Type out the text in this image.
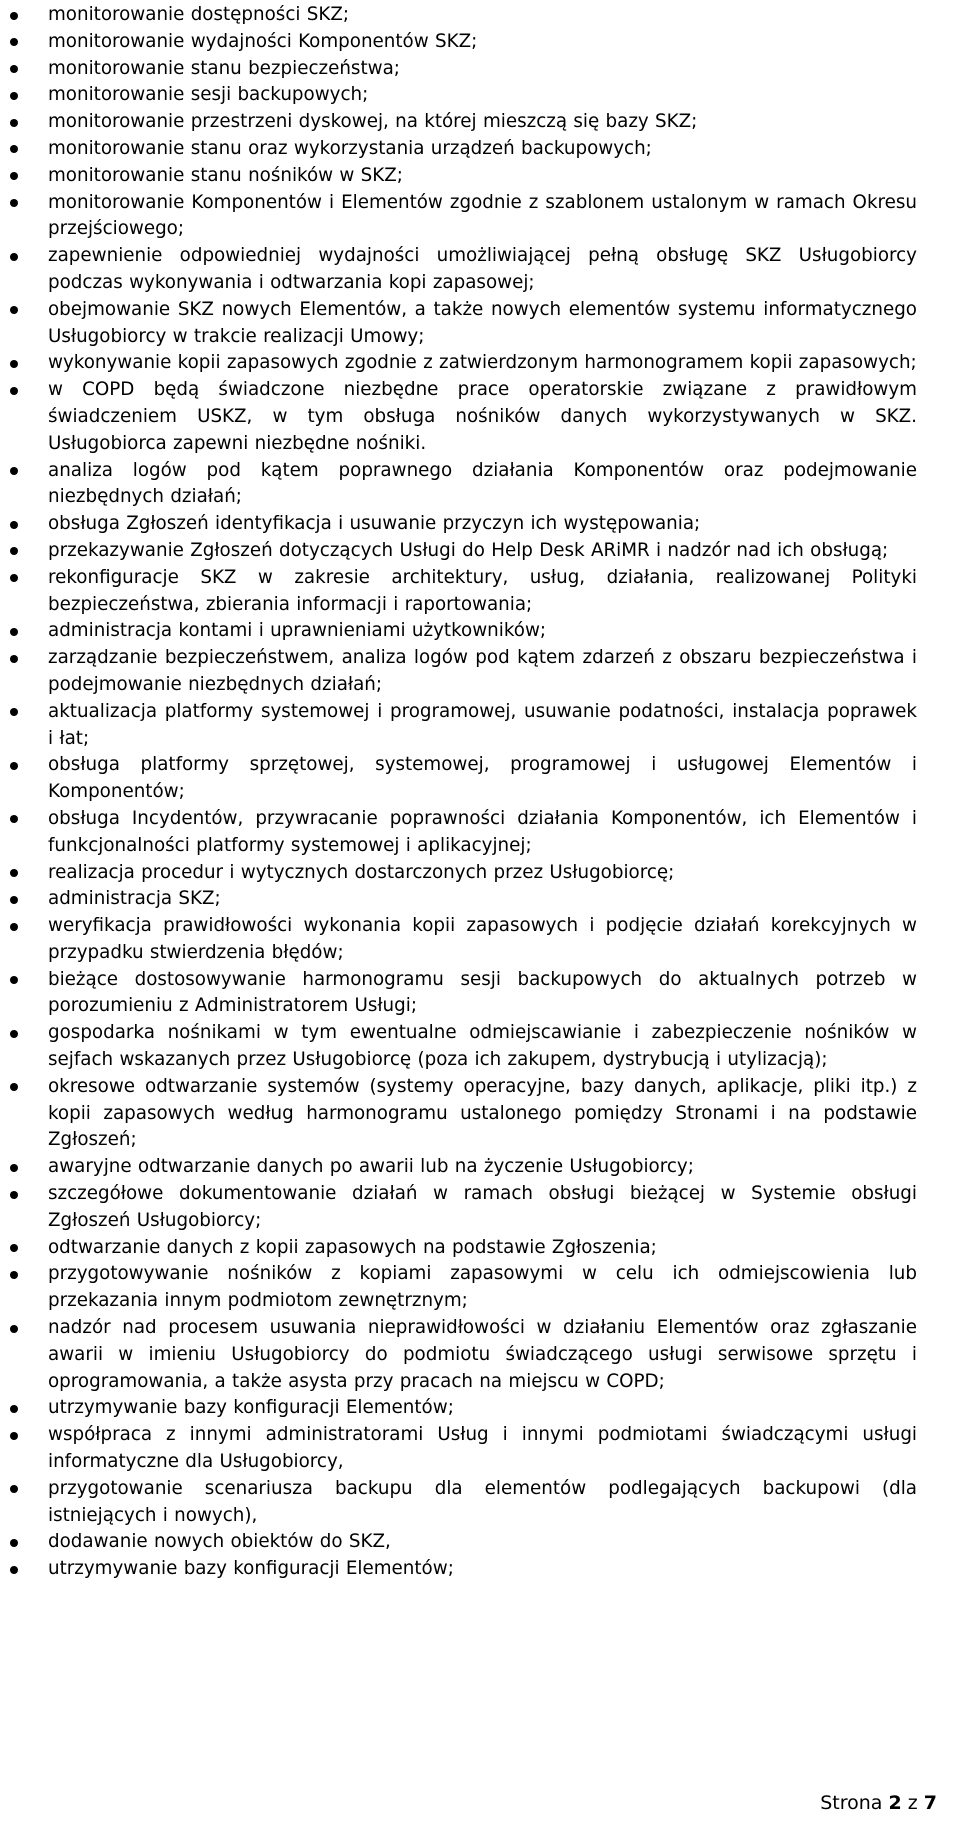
monitorowanie dostępności SKZ;
monitorowanie wydajności Komponentów SKZ;
monitorowanie stanu bezpieczeństwa;
monitorowanie sesji backupowych;
monitorowanie przestrzeni dyskowej, na której mieszczą się bazy SKZ;
monitorowanie stanu oraz wykorzystania urządzeń backupowych;
monitorowanie stanu nośników w SKZ;
monitorowanie Komponentów i Elementów zgodnie z szablonem ustalonym w ramach Okresu przejściowego;
zapewnienie odpowiedniej wydajności umożliwiającej pełną obsługę SKZ Usługobiorcy podczas wykonywania i odtwarzania kopi zapasowej;
obejmowanie SKZ nowych Elementów, a także nowych elementów systemu informatycznego Usługobiorcy w trakcie realizacji Umowy;
wykonywanie kopii zapasowych zgodnie z zatwierdzonym harmonogramem kopii zapasowych;
w COPD będą świadczone niezbędne prace operatorskie związane z prawidłowym świadczeniem USKZ, w tym obsługa nośników danych wykorzystywanych w SKZ. Usługobiorca zapewni niezbędne nośniki.
analiza logów pod kątem poprawnego działania Komponentów oraz podejmowanie niezbędnych działań;
obsługa Zgłoszeń identyfikacja i usuwanie przyczyn ich występowania;
przekazywanie Zgłoszeń dotyczących Usługi do Help Desk ARiMR i nadzór nad ich obsługą;
rekonfiguracje SKZ w zakresie architektury, usług, działania, realizowanej Polityki bezpieczeństwa, zbierania informacji i raportowania;
administracja kontami i uprawnieniami użytkowników;
zarządzanie bezpieczeństwem, analiza logów pod kątem zdarzeń z obszaru bezpieczeństwa i podejmowanie niezbędnych działań;
aktualizacja platformy systemowej i programowej, usuwanie podatności, instalacja poprawek i łat;
obsługa platformy sprzętowej, systemowej, programowej i usługowej Elementów i Komponentów;
obsługa Incydentów, przywracanie poprawności działania Komponentów, ich Elementów i funkcjonalności platformy systemowej i aplikacyjnej;
realizacja procedur i wytycznych dostarczonych przez Usługobiorcę;
administracja SKZ;
weryfikacja prawidłowości wykonania kopii zapasowych i podjęcie działań korekcyjnych w przypadku stwierdzenia błędów;
bieżące dostosowywanie harmonogramu sesji backupowych do aktualnych potrzeb w porozumieniu z Administratorem Usługi;
gospodarka nośnikami w tym ewentualne odmiejscawianie i zabezpieczenie nośników w sejfach wskazanych przez Usługobiorcę (poza ich zakupem, dystrybucją i utylizacją);
okresowe odtwarzanie systemów (systemy operacyjne, bazy danych, aplikacje, pliki itp.) z kopii zapasowych według harmonogramu ustalonego pomiędzy Stronami i na podstawie Zgłoszeń;
awaryjne odtwarzanie danych po awarii lub na życzenie Usługobiorcy;
szczegółowe dokumentowanie działań w ramach obsługi bieżącej w Systemie obsługi Zgłoszeń Usługobiorcy;
odtwarzanie danych z kopii zapasowych na podstawie Zgłoszenia;
przygotowywanie nośników z kopiami zapasowymi w celu ich odmiejscowienia lub przekazania innym podmiotom zewnętrznym;
nadzór nad procesem usuwania nieprawidłowości w działaniu Elementów oraz zgłaszanie awarii w imieniu Usługobiorcy do podmiotu świadczącego usługi serwisowe sprzętu i oprogramowania, a także asysta przy pracach na miejscu w COPD;
utrzymywanie bazy konfiguracji Elementów;
współpraca z innymi administratorami Usług i innymi podmiotami świadczącymi usługi informatyczne dla Usługobiorcy,
przygotowanie scenariusza backupu dla elementów podlegających backupowi (dla istniejących i nowych),
dodawanie nowych obiektów do SKZ,
utrzymywanie bazy konfiguracji Elementów;
Strona 2 z 7
